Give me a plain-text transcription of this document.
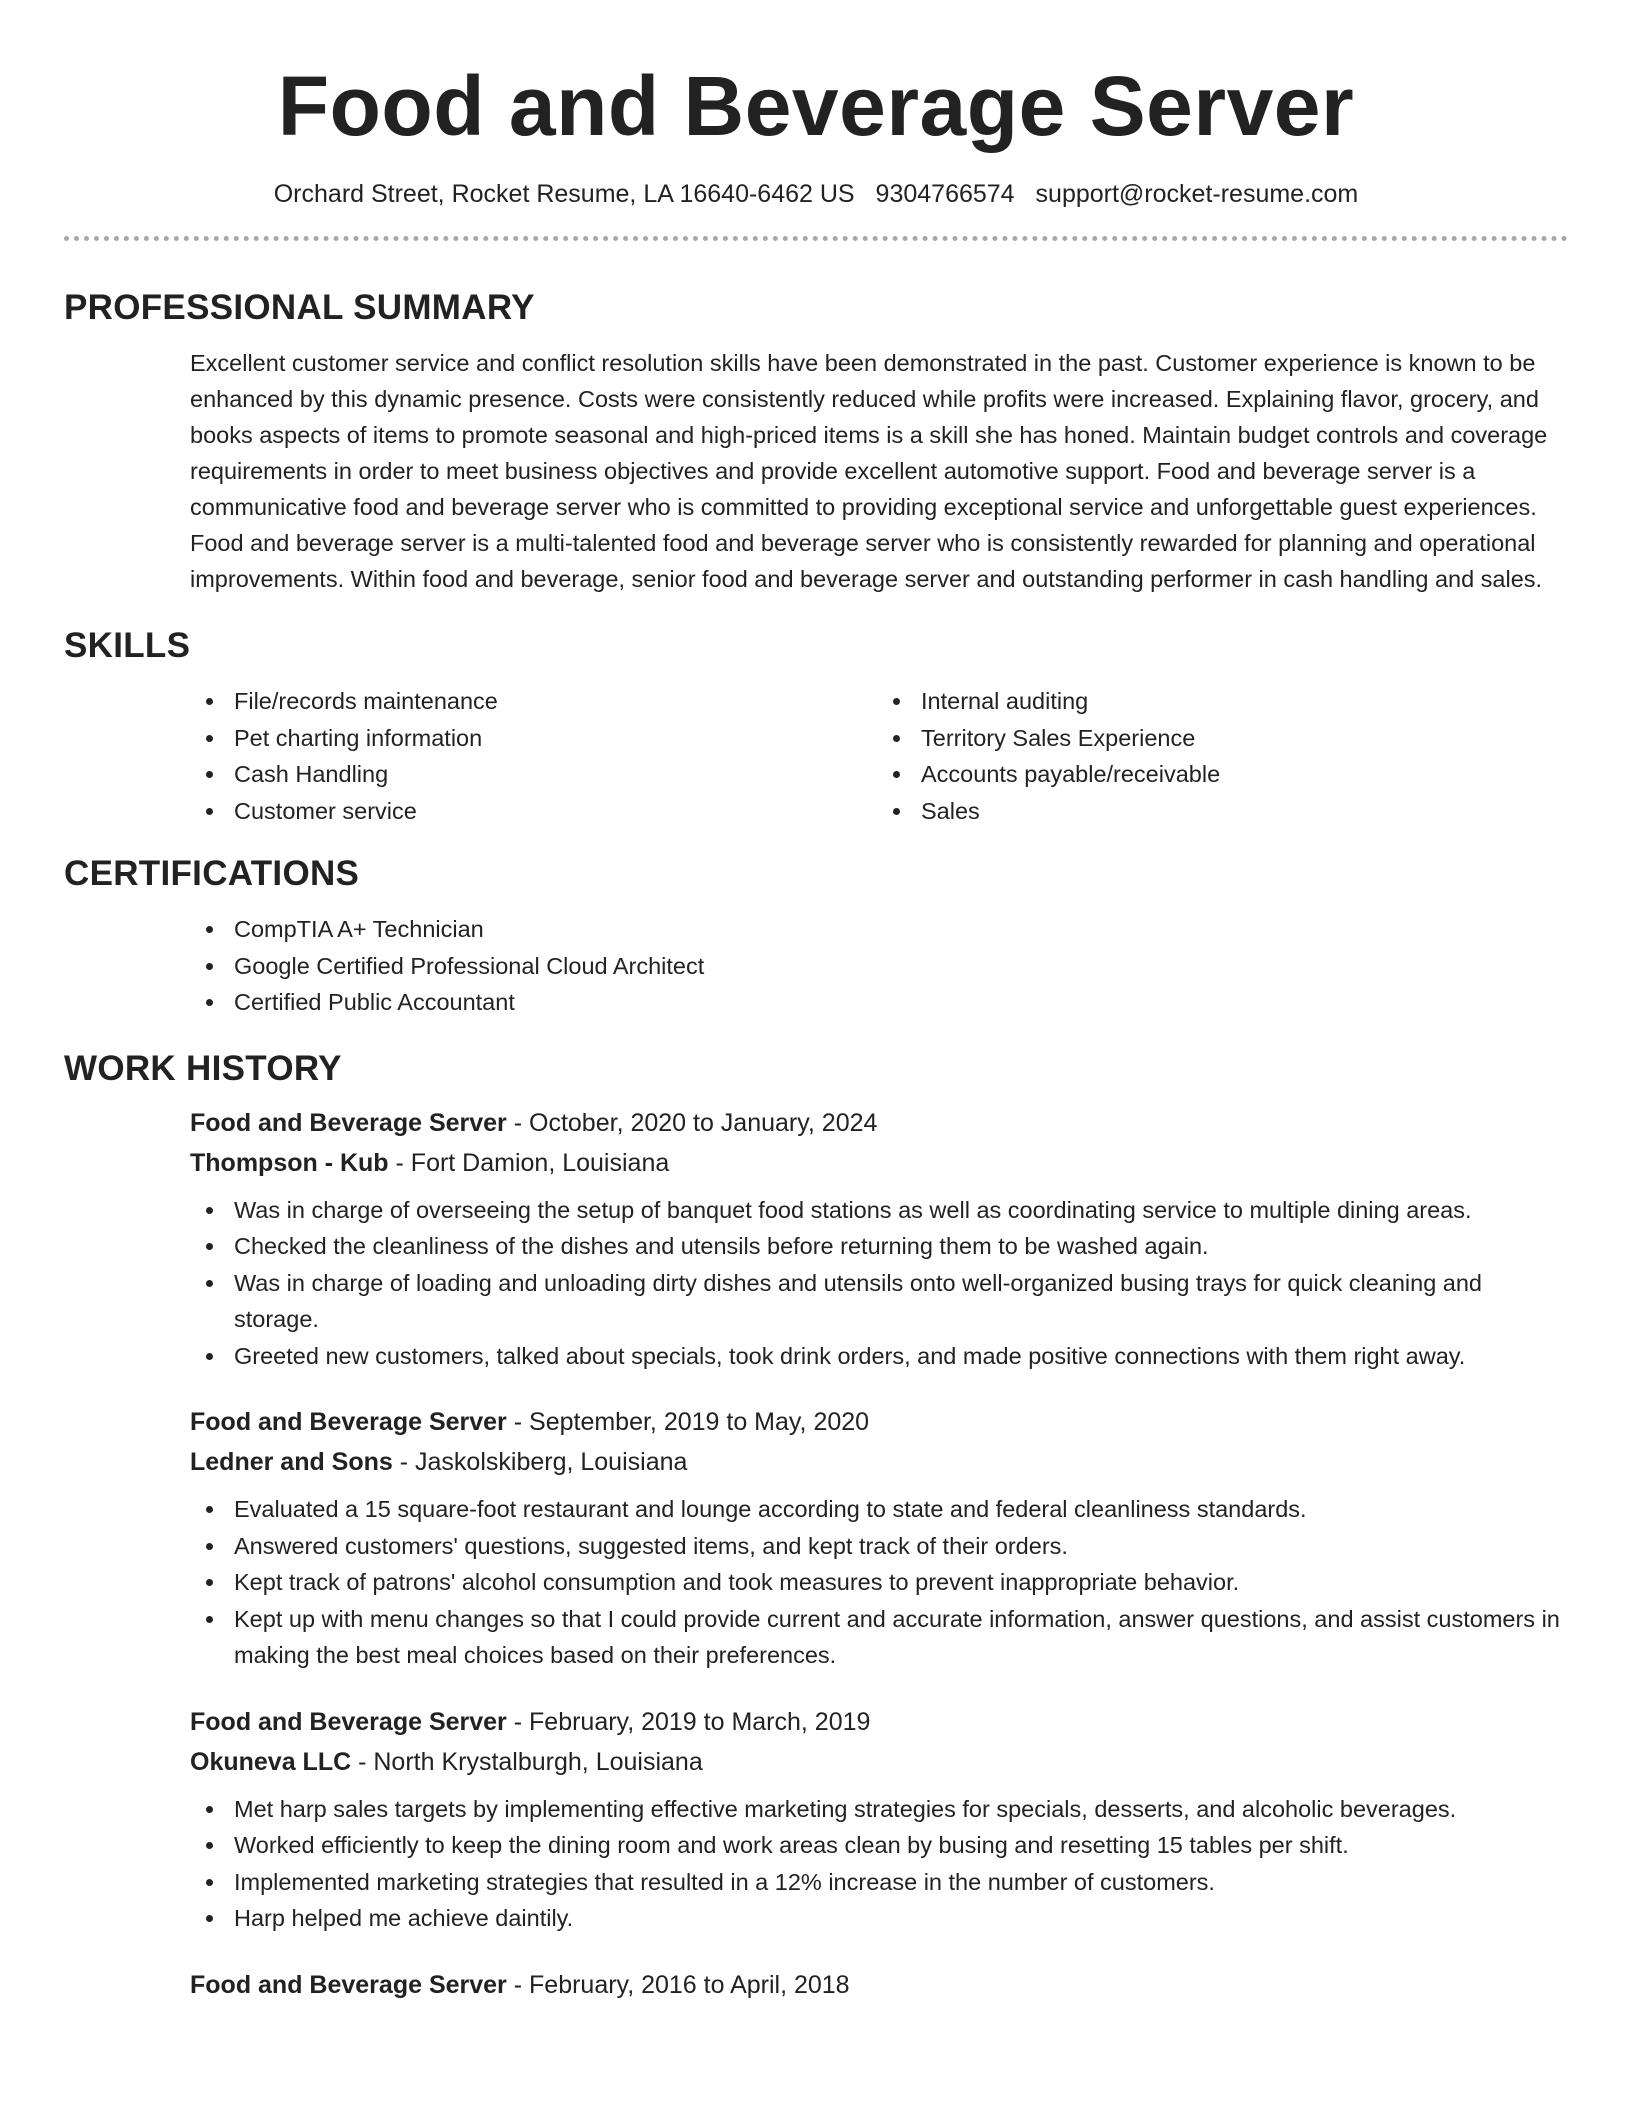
Food and Beverage Server
Orchard Street, Rocket Resume, LA 16640-6462 US 9304766574 support@rocket-resume.com
PROFESSIONAL SUMMARY

Excellent customer service and conflict resolution skills have been demonstrated in the past. Customer experience is known to be enhanced by this dynamic presence. Costs were consistently reduced while profits were increased. Explaining flavor, grocery, and books aspects of items to promote seasonal and high-priced items is a skill she has honed. Maintain budget controls and coverage requirements in order to meet business objectives and provide excellent automotive support. Food and beverage server is a communicative food and beverage server who is committed to providing exceptional service and unforgettable guest experiences. Food and beverage server is a multi-talented food and beverage server who is consistently rewarded for planning and operational improvements. Within food and beverage, senior food and beverage server and outstanding performer in cash handling and sales.

SKILLS
File/records maintenance
Pet charting information
Cash Handling
Customer service
Internal auditing
Territory Sales Experience
Accounts payable/receivable
Sales
CERTIFICATIONS
CompTIA A+ Technician
Google Certified Professional Cloud Architect
Certified Public Accountant
WORK HISTORY
Food and Beverage Server - October, 2020 to January, 2024
Thompson - Kub - Fort Damion, Louisiana
Was in charge of overseeing the setup of banquet food stations as well as coordinating service to multiple dining areas.
Checked the cleanliness of the dishes and utensils before returning them to be washed again.
Was in charge of loading and unloading dirty dishes and utensils onto well-organized busing trays for quick cleaning and storage.
Greeted new customers, talked about specials, took drink orders, and made positive connections with them right away.
Food and Beverage Server - September, 2019 to May, 2020
Ledner and Sons - Jaskolskiberg, Louisiana
Evaluated a 15 square-foot restaurant and lounge according to state and federal cleanliness standards.
Answered customers' questions, suggested items, and kept track of their orders.
Kept track of patrons' alcohol consumption and took measures to prevent inappropriate behavior.
Kept up with menu changes so that I could provide current and accurate information, answer questions, and assist customers in making the best meal choices based on their preferences.
Food and Beverage Server - February, 2019 to March, 2019
Okuneva LLC - North Krystalburgh, Louisiana
Met harp sales targets by implementing effective marketing strategies for specials, desserts, and alcoholic beverages.
Worked efficiently to keep the dining room and work areas clean by busing and resetting 15 tables per shift.
Implemented marketing strategies that resulted in a 12% increase in the number of customers.
Harp helped me achieve daintily.
Food and Beverage Server - February, 2016 to April, 2018
